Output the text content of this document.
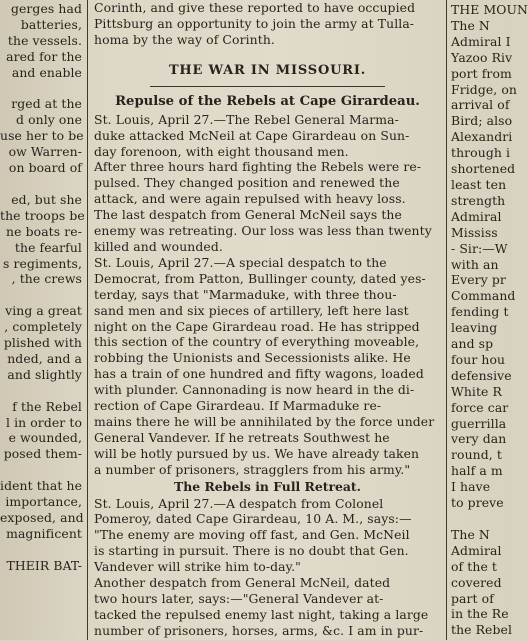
gerges had
batteries,
the vessels.
ared for the
and enable

rged at the
d only one
use her to be
ow Warren-
on board of

ed, but she
the troops be
ne boats re-
the fearful
s regiments,
, the crews

ving a great
, completely
plished with
nded, and a
and slightly

f the Rebel
l in order to
e wounded,
posed them-

ident that he
importance,
exposed, and
magnificent

THEIR BAT-
Corinth, and give these reported to have occupied
Pittsburg an opportunity to join the army at Tulla-
homa by the way of Corinth.
THE WAR IN MISSOURI.
Repulse of the Rebels at Cape Girardeau.
St. Louis, April 27.—The Rebel General Marma-
duke attacked McNeil at Cape Girardeau on Sun-
day forenoon, with eight thousand men.
After three hours hard fighting the Rebels were re-
pulsed. They changed position and renewed the
attack, and were again repulsed with heavy loss.
The last despatch from General McNeil says the
enemy was retreating. Our loss was less than twenty
killed and wounded.
St. Louis, April 27.—A special despatch to the
Democrat, from Patton, Bullinger county, dated yes-
terday, says that "Marmaduke, with three thou-
sand men and six pieces of artillery, left here last
night on the Cape Girardeau road. He has stripped
this section of the country of everything moveable,
robbing the Unionists and Secessionists alike. He
has a train of one hundred and fifty wagons, loaded
with plunder. Cannonading is now heard in the di-
rection of Cape Girardeau. If Marmaduke re-
mains there he will be annihilated by the force under
General Vandever. If he retreats Southwest he
will be hotly pursued by us. We have already taken
a number of prisoners, stragglers from his army."
The Rebels in Full Retreat.
St. Louis, April 27.—A despatch from Colonel
Pomeroy, dated Cape Girardeau, 10 A. M., says:—
"The enemy are moving off fast, and Gen. McNeil
is starting in pursuit. There is no doubt that Gen.
Vandever will strike him to-day."
Another despatch from General McNeil, dated
two hours later, says:—"General Vandever at-
tacked the repulsed enemy last night, taking a large
number of prisoners, horses, arms, &c. I am in pur-
THE MOUN
The N
Admiral I
Yazoo Riv
port from
Fridge, on
arrival of
Bird; also
Alexandri
through i
shortened
least ten
strength
Admiral
Mississ
- Sir:—W
with an
Every pr
Command
fending t
leaving
and sp
four hou
defensive
White R
force car
guerrilla
very dan
round, t
half a m
I have
to preve

The N
Admiral
of the t
covered
part of
in the Re
the Rebel
